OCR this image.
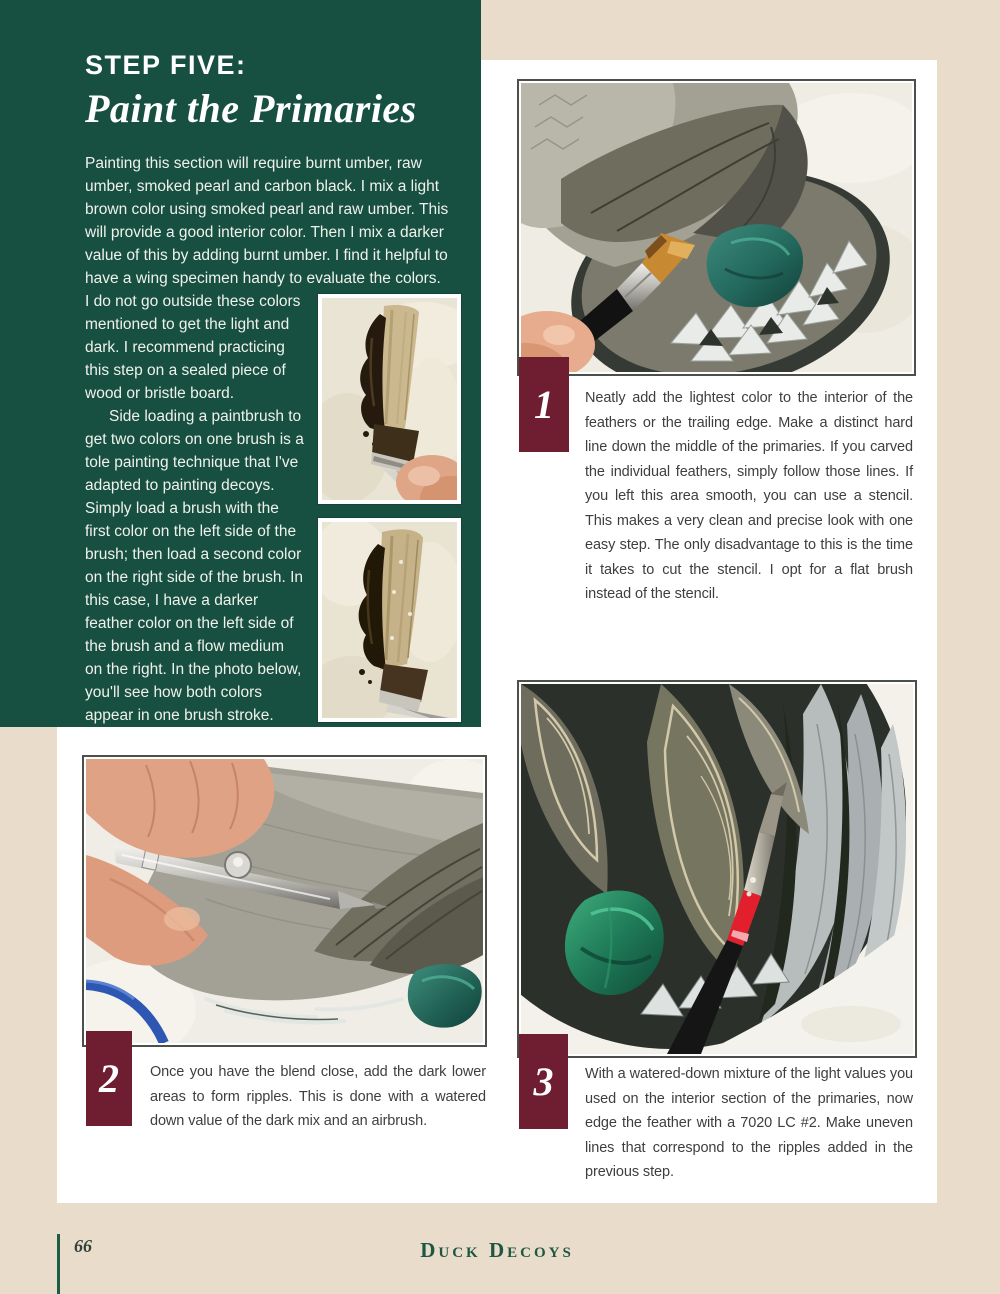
STEP FIVE:
Paint the Primaries

Painting this section will require burnt umber, raw umber, smoked pearl and carbon black. I mix a light brown color using smoked pearl and raw umber. This will provide a good interior color. Then I mix a darker value of this by adding burnt umber. I find it helpful to have a wing specimen handy to evaluate the colors.

I do not go outside these colors mentioned to get the light and dark. I recommend practicing this step on a sealed piece of wood or bristle board.

Side loading a paintbrush to get two colors on one brush is a tole painting technique that I've adapted to painting decoys. Simply load a brush with the first color on the left side of the brush; then load a second color on the right side of the brush. In this case, I have a darker feather color on the left side of the brush and a flow medium on the right. In the photo below, you'll see how both colors appear in one brush stroke.

1 Neatly add the lightest color to the interior of the feathers or the trailing edge. Make a distinct hard line down the middle of the primaries. If you carved the individual feathers, simply follow those lines. If you left this area smooth, you can use a stencil. This makes a very clean and precise look with one easy step. The only disadvantage to this is the time it takes to cut the stencil. I opt for a flat brush instead of the stencil.

2 Once you have the blend close, add the dark lower areas to form ripples. This is done with a watered down value of the dark mix and an airbrush.

3 With a watered-down mixture of the light values you used on the interior section of the primaries, now edge the feather with a 7020 LC #2. Make uneven lines that correspond to the ripples added in the previous step.

66	Duck Decoys
